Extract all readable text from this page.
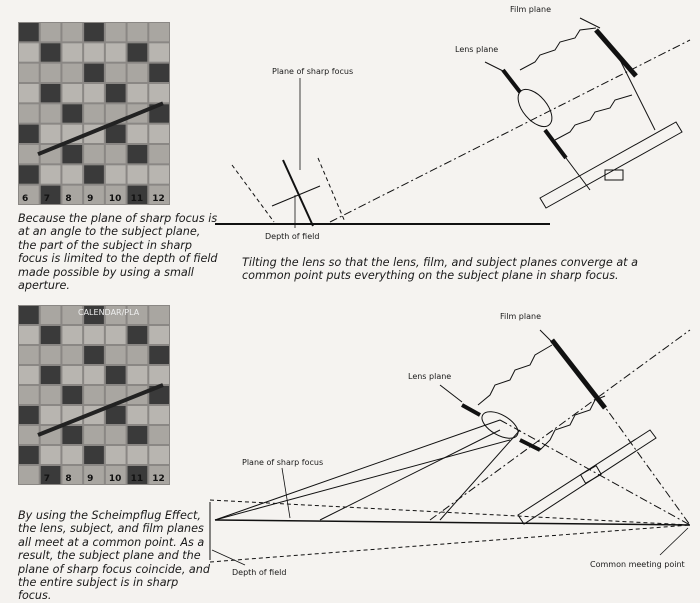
6 7 8 9 10 11 12
7 8 9 10 11 12
CALENDAR/PLA
Because the plane of sharp focus is at an angle to the subject plane, the part of the subject in sharp focus is limited to the depth of field made possible by using a small aperture.
Tilting the lens so that the lens, film, and subject planes converge at a common point puts everything on the subject plane in sharp focus.
By using the Scheimpflug Effect, the lens, subject, and film planes all meet at a common point. As a result, the subject plane and the plane of sharp focus coincide, and the entire subject is in sharp focus.
Film plane
Lens plane
Plane of sharp focus
Depth of field
Film plane
Lens plane
Plane of sharp focus
Depth of field
Common meeting point
